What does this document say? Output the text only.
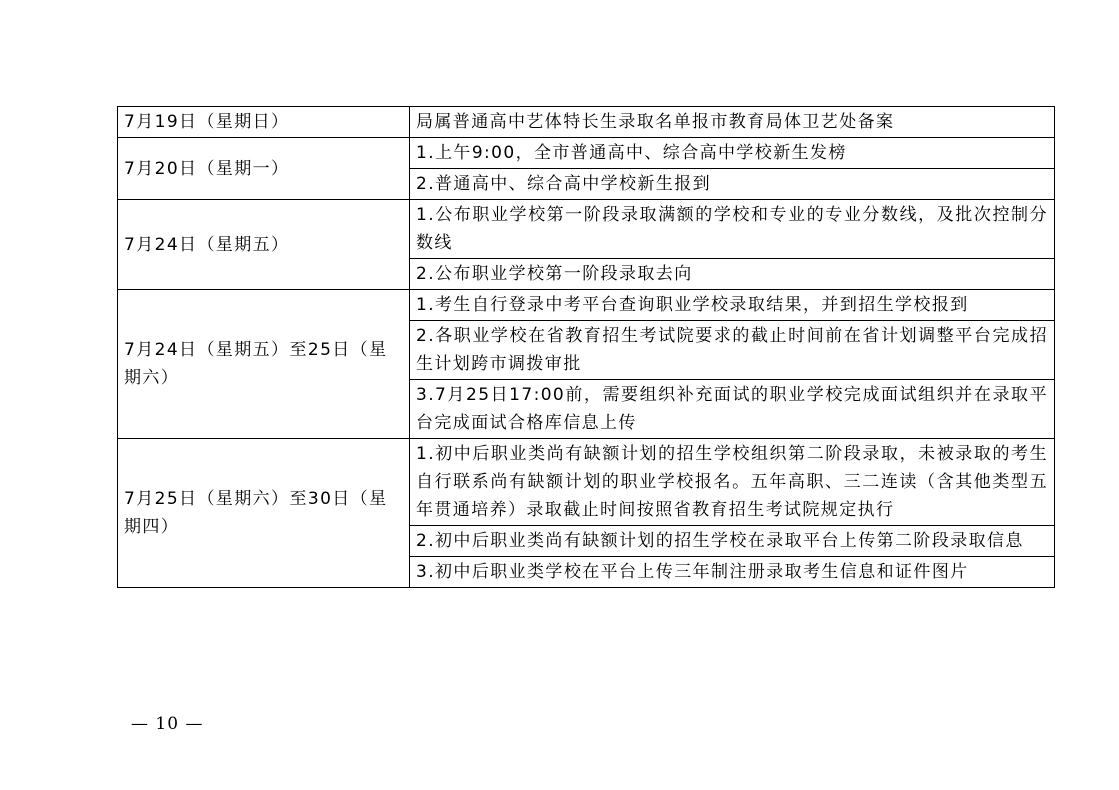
7月19日（星期日）	局属普通高中艺体特长生录取名单报市教育局体卫艺处备案
7月20日（星期一）	1.上午9:00，全市普通高中、综合高中学校新生发榜
	2.普通高中、综合高中学校新生报到
7月24日（星期五）	1.公布职业学校第一阶段录取满额的学校和专业的专业分数线，及批次控制分数线
	2.公布职业学校第一阶段录取去向
7月24日（星期五）至25日（星期六）	1.考生自行登录中考平台查询职业学校录取结果，并到招生学校报到
	2.各职业学校在省教育招生考试院要求的截止时间前在省计划调整平台完成招生计划跨市调拨审批
	3.7月25日17:00前，需要组织补充面试的职业学校完成面试组织并在录取平台完成面试合格库信息上传
7月25日（星期六）至30日（星期四）	1.初中后职业类尚有缺额计划的招生学校组织第二阶段录取，未被录取的考生自行联系尚有缺额计划的职业学校报名。五年高职、三二连读（含其他类型五年贯通培养）录取截止时间按照省教育招生考试院规定执行
	2.初中后职业类尚有缺额计划的招生学校在录取平台上传第二阶段录取信息
	3.初中后职业类学校在平台上传三年制注册录取考生信息和证件图片
— 10 —
